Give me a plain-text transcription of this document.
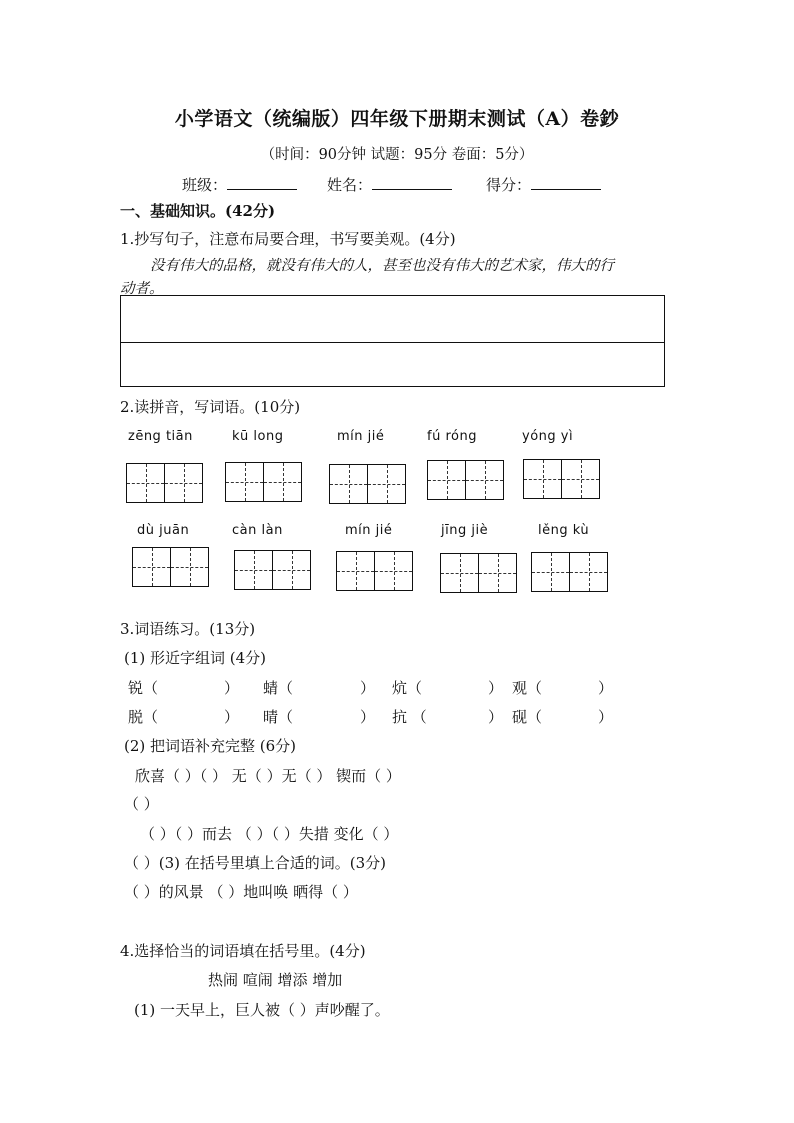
小学语文（统编版）四年级下册期末测试（A）卷鈔
（时间：90分钟 试题：95分 卷面：5分）
班级：	姓名：	得分：
一、基础知识。(42分)
1.抄写句子，注意布局要合理，书写要美观。(4分)
没有伟大的品格，就没有伟大的人，甚至也没有伟大的艺术家，伟大的行
动者。
2.读拼音，写词语。(10分)
zēng tiān	kū long	mín jié	fú róng	yóng yì
dù juān	càn làn	mín jié	jīng jiè	lěng kù
3.词语练习。(13分)
(1) 形近字组词 (4分)
锐（	） 蜻（	） 炕（	） 观（	）
脱（	） 晴（	） 抗 （	） 砚（	）
(2) 把词语补充完整 (6分)
欣喜（ ）（ ） 无（ ）无（ ） 锲而（ ）
（ ）
（ ）（ ）而去 （ ）（ ）失措 变化（ ）
（ ）(3) 在括号里填上合适的词。(3分)
（ ）的风景 （ ）地叫唤 晒得（ ）
4.选择恰当的词语填在括号里。(4分)
热闹 喧闹 增添 增加
(1) 一天早上，巨人被（ ）声吵醒了。
